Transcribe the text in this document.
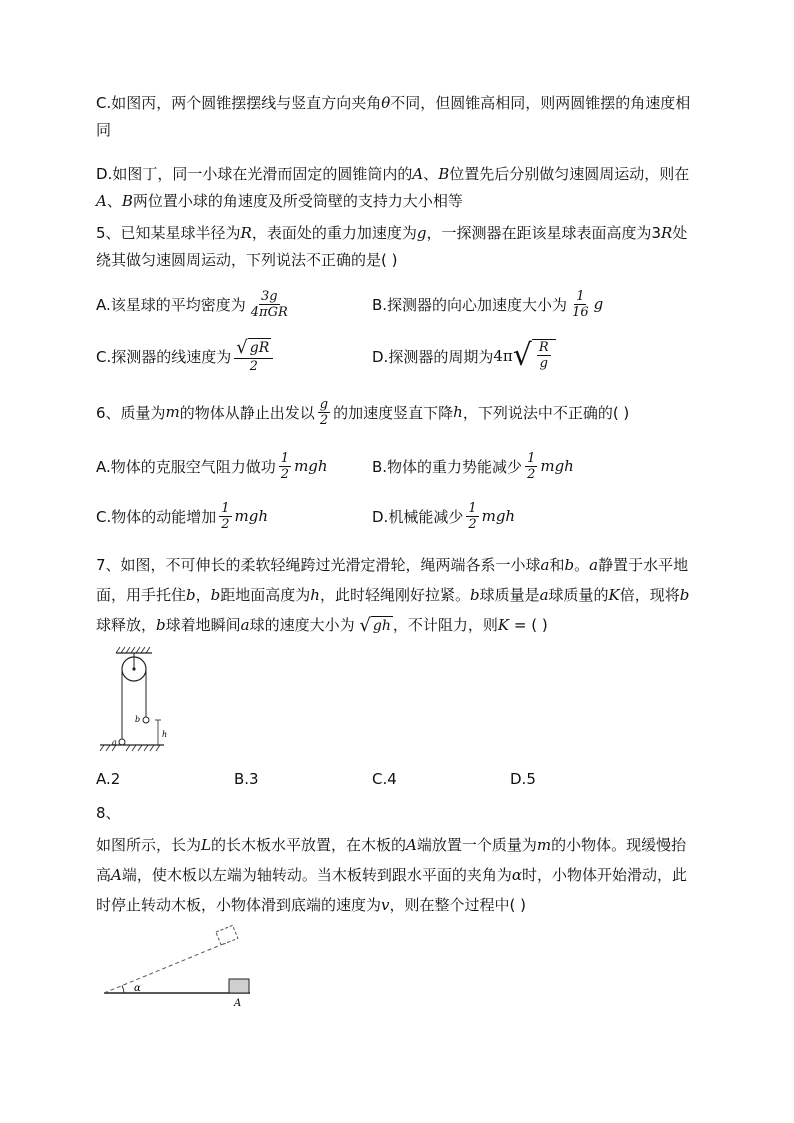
C.如图丙，两个圆锥摆摆线与竖直方向夹角θ不同，但圆锥高相同，则两圆锥摆的角速度相同

D.如图丁，同一小球在光滑而固定的圆锥筒内的A、B位置先后分别做匀速圆周运动，则在A、B两位置小球的角速度及所受筒壁的支持力大小相等

5、已知某星球半径为R，表面处的重力加速度为g，一探测器在距该星球表面高度为3R处绕其做匀速圆周运动，下列说法不正确的是( )

A.该星球的平均密度为 $\frac{3g}{\text{4πGR}}$	B.探测器的向心加速度大小为 $\frac{1}{16}$ g
C.探测器的线速度为 $\frac{√ gR}{2}$	D.探测器的周期为 4π √ $\frac{R}{g}$
6、质量为 m 的物体从静止出发以 $\frac{g}{2}$ 的加速度竖直下降 h ，下列说法中不正确的( )
A.物体的克服空气阻力做功 $\frac{1}{2}$ mgh	B.物体的重力势能减少 $\frac{1}{2}$ mgh
C.物体的动能增加 $\frac{1}{2}$ mgh	D.机械能减少 $\frac{1}{2}$ mgh

7、如图，不可伸长的柔软轻绳跨过光滑定滑轮，绳两端各系一小球a和b。a静置于水平地面，用手托住b，b距地面高度为h，此时轻绳刚好拉紧。b球质量是a球质量的K倍，现将b球释放，b球着地瞬间a球的速度大小为 √ gh ，不计阻力，则K = ( )

b
a
h
A.2	B.3	C.4	D.5

8、

如图所示，长为L的长木板水平放置，在木板的A端放置一个质量为m的小物体。现缓慢抬高A端，使木板以左端为轴转动。当木板转到跟水平面的夹角为α时，小物体开始滑动，此时停止转动木板，小物体滑到底端的速度为v，则在整个过程中( )

α
A
